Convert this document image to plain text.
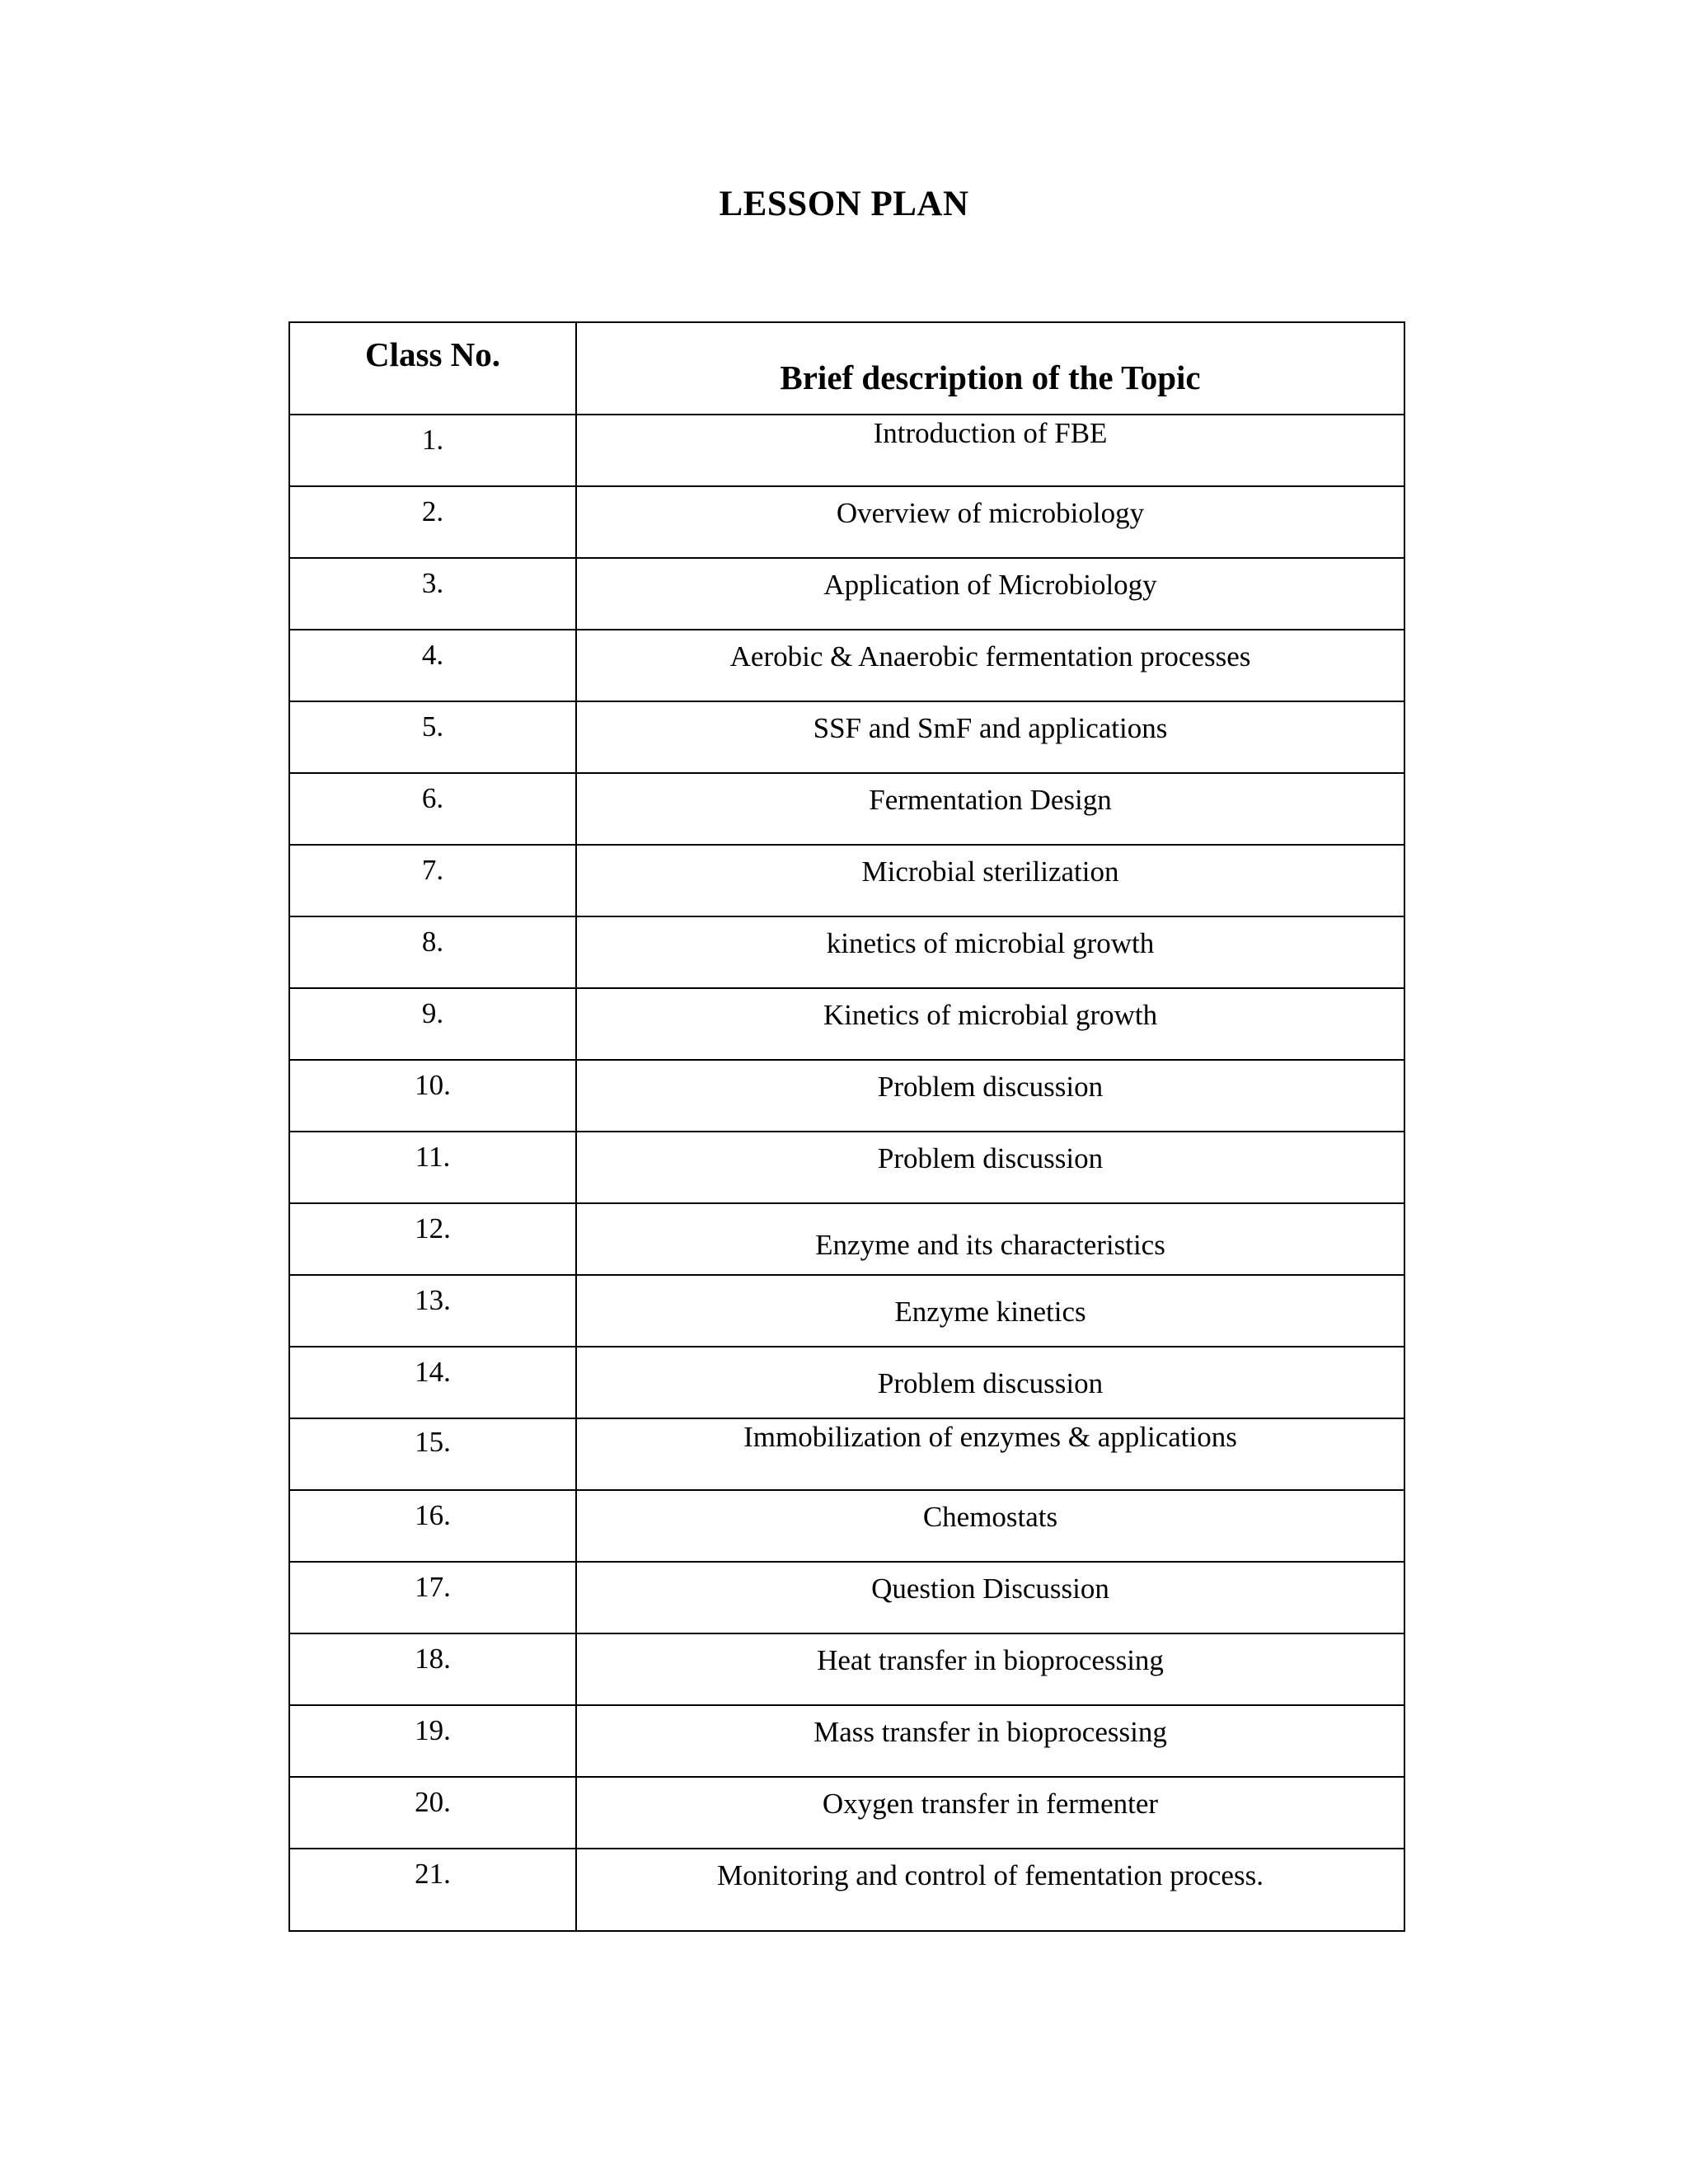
LESSON PLAN
Class No.	Brief description of the Topic
1.	Introduction of FBE
2.	Overview of microbiology
3.	Application of Microbiology
4.	Aerobic & Anaerobic fermentation processes
5.	SSF and SmF and applications
6.	Fermentation Design
7.	Microbial sterilization
8.	kinetics of microbial growth
9.	Kinetics of microbial growth
10.	Problem discussion
11.	Problem discussion
12.	Enzyme and its characteristics
13.	Enzyme kinetics
14.	Problem discussion
15.	Immobilization of enzymes & applications
16.	Chemostats
17.	Question Discussion
18.	Heat transfer in bioprocessing
19.	Mass transfer in bioprocessing
20.	Oxygen transfer in fermenter
21.	Monitoring and control of fementation process.
